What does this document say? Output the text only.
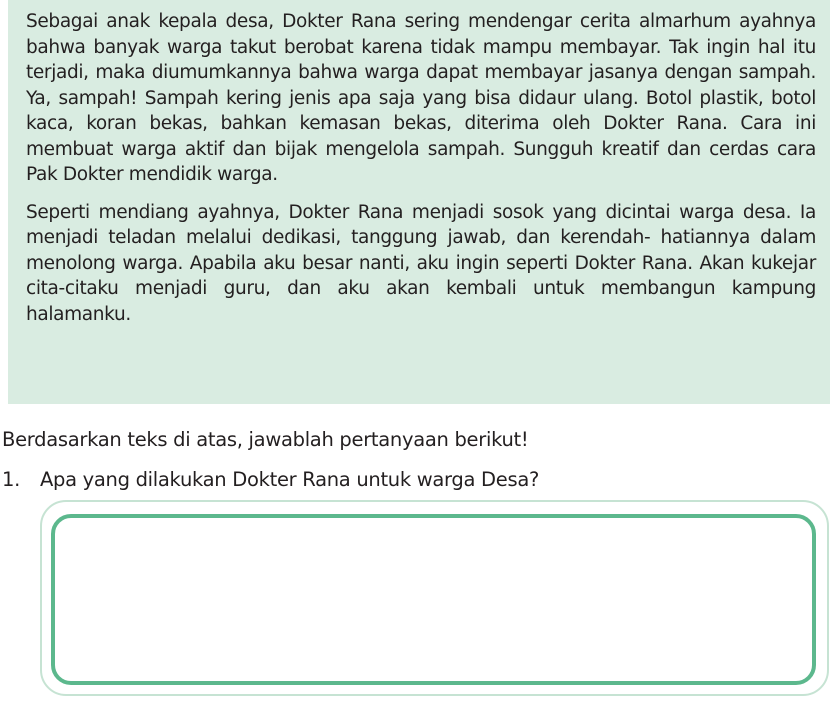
Sebagai anak kepala desa, Dokter Rana sering mendengar cerita almarhum ayahnya bahwa banyak warga takut berobat karena tidak mampu membayar. Tak ingin hal itu terjadi, maka diumumkannya bahwa warga dapat membayar jasanya dengan sampah. Ya, sampah! Sampah kering jenis apa saja yang bisa didaur ulang. Botol plastik, botol kaca, koran bekas, bahkan kemasan bekas, diterima oleh Dokter Rana. Cara ini membuat warga aktif dan bijak mengelola sampah. Sungguh kreatif dan cerdas cara Pak Dokter mendidik warga.

Seperti mendiang ayahnya, Dokter Rana menjadi sosok yang dicintai warga desa. Ia menjadi teladan melalui dedikasi, tanggung jawab, dan kerendah- hatiannya dalam menolong warga. Apabila aku besar nanti, aku ingin seperti Dokter Rana. Akan kukejar cita-citaku menjadi guru, dan aku akan kembali untuk membangun kampung halamanku.

Berdasarkan teks di atas, jawablah pertanyaan berikut!

1. Apa yang dilakukan Dokter Rana untuk warga Desa?
